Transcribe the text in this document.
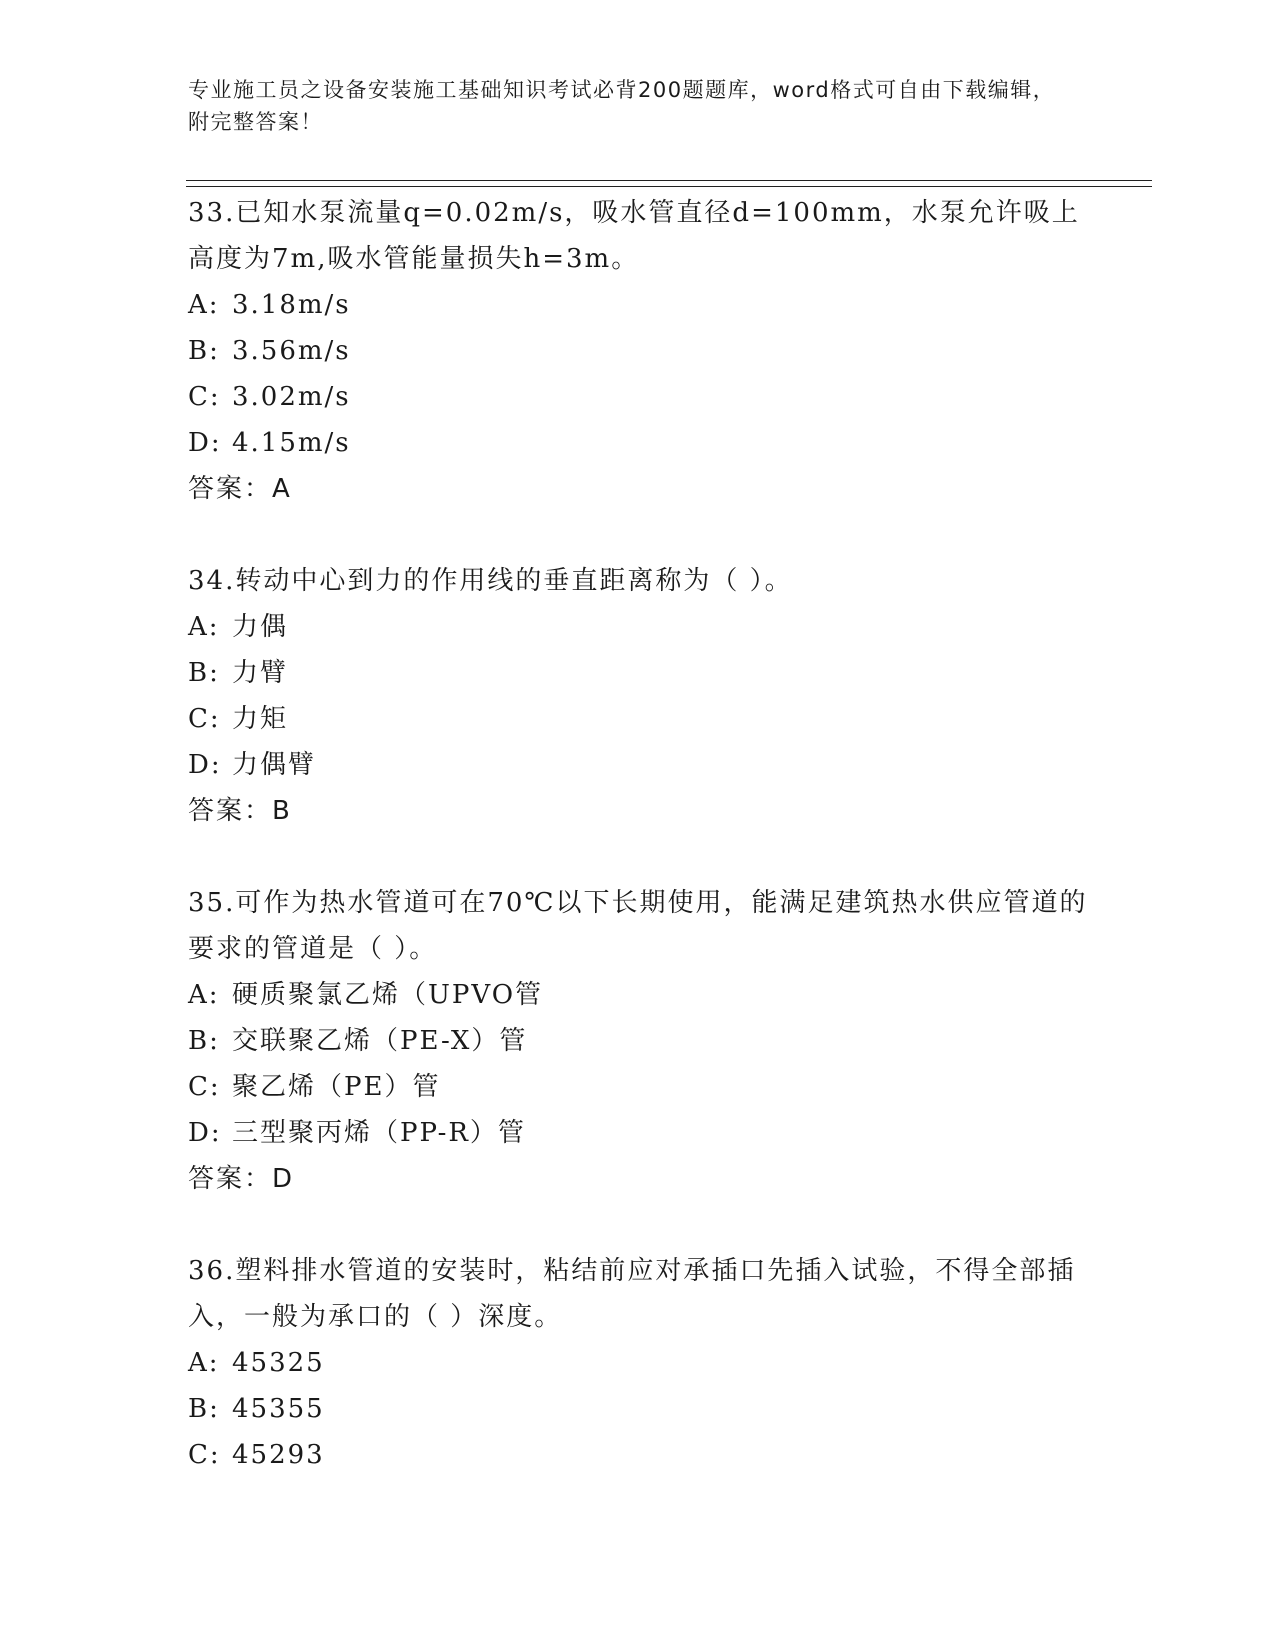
专业施工员之设备安装施工基础知识考试必背200题题库，word格式可自由下载编辑，附完整答案！

33.已知水泵流量q=0.02m/s，吸水管直径d=100mm，水泵允许吸上高度为7m,吸水管能量损失h=3m。

A: 3.18m/s

B: 3.56m/s

C: 3.02m/s

D: 4.15m/s

答案：A

34.转动中心到力的作用线的垂直距离称为（ ）。

A: 力偶

B: 力臂

C: 力矩

D: 力偶臂

答案：B

35.可作为热水管道可在70℃以下长期使用，能满足建筑热水供应管道的要求的管道是（ ）。

A: 硬质聚氯乙烯（UPVO管

B: 交联聚乙烯（PE-X）管

C: 聚乙烯（PE）管

D: 三型聚丙烯（PP-R）管

答案：D

36.塑料排水管道的安装时，粘结前应对承插口先插入试验，不得全部插入，一般为承口的（ ）深度。

A: 45325

B: 45355

C: 45293
